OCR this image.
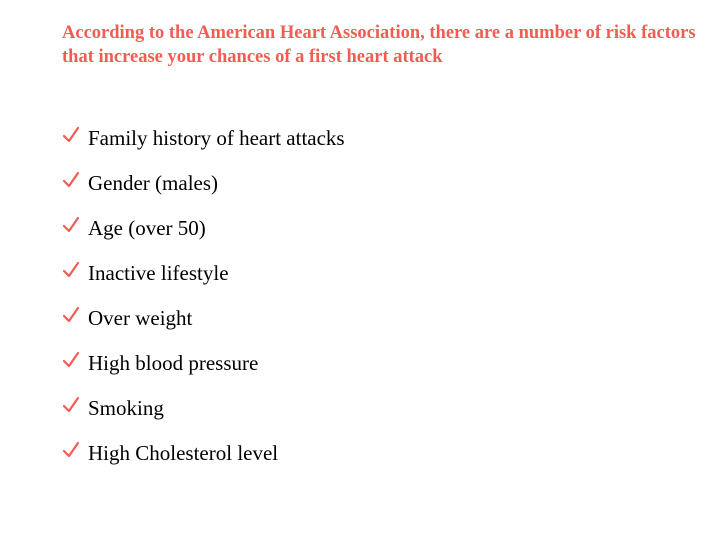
According to the American Heart Association, there are a number of risk factors that increase your chances of a first heart attack
Family history of heart attacks
Gender (males)
Age (over 50)
Inactive lifestyle
Over weight
High blood pressure
Smoking
High Cholesterol level
